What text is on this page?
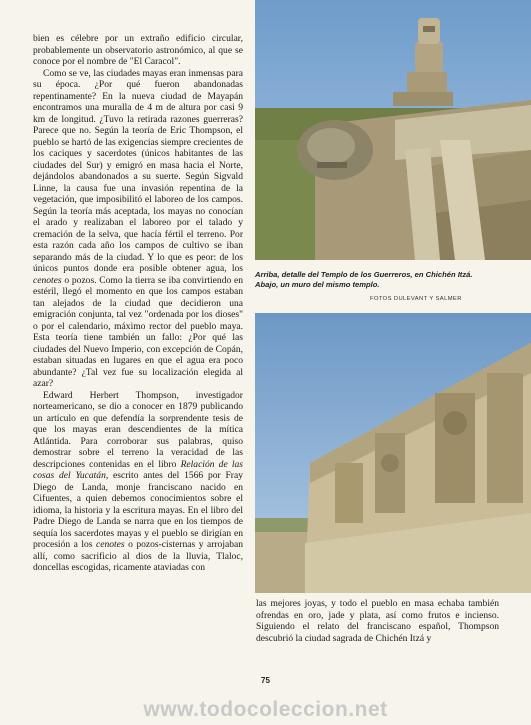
bien es célebre por un extraño edificio circular, probablemente un observatorio astronómico, al que se conoce por el nombre de "El Caracol".

Como se ve, las ciudades mayas eran inmensas para su época. ¿Por qué fueron abandonadas repentinamente? En la nueva ciudad de Mayapán encontramos una muralla de 4 m de altura por casi 9 km de longitud. ¿Tuvo la retirada razones guerreras? Parece que no. Según la teoría de Eric Thompson, el pueblo se hartó de las exigencias siempre crecientes de los caciques y sacerdotes (únicos habitantes de las ciudades del Sur) y emigró en masa hacia el Norte, dejándolos abandonados a su suerte. Según Sigvald Linne, la causa fue una invasión repentina de la vegetación, que imposibilitó el laboreo de los campos. Según la teoría más aceptada, los mayas no conocían el arado y realizaban el laboreo por el talado y cremación de la selva, que hacía fértil el terreno. Por esta razón cada año los campos de cultivo se iban separando más de la ciudad. Y lo que es peor: de los únicos puntos donde era posible obtener agua, los cenotes o pozos. Como la tierra se iba convirtiendo en estéril, llegó el momento en que los campos estaban tan alejados de la ciudad que decidieron una emigración conjunta, tal vez "ordenada por los dioses" o por el calendario, máximo rector del pueblo maya. Esta teoría tiene también un fallo: ¿Por qué las ciudades del Nuevo Imperio, con excepción de Copán, estaban situadas en lugares en que el agua era poco abundante? ¿Tal vez fue su localización elegida al azar?

Edward Herbert Thompson, investigador norteamericano, se dio a conocer en 1879 publicando un artículo en que defendía la sorprendente tesis de que los mayas eran descendientes de la mítica Atlántida. Para corroborar sus palabras, quiso demostrar sobre el terreno la veracidad de las descripciones contenidas en el libro Relación de las cosas del Yucatán, escrito antes del 1566 por Fray Diego de Landa, monje franciscano nacido en Cifuentes, a quien debemos conocimientos sobre el idioma, la historia y la escritura mayas. En el libro del Padre Diego de Landa se narra que en los tiempos de sequía los sacerdotes mayas y el pueblo se dirigían en procesión a los cenotes o pozos-cisternas y arrojaban allí, como sacrificio al dios de la lluvia, Tlaloc, doncellas escogidas, ricamente ataviadas con

Arriba, detalle del Templo de los Guerreros, en Chichén Itzá. Abajo, un muro del mismo templo.
FOTOS DULEVANT Y SALMER
las mejores joyas, y todo el pueblo en masa echaba también ofrendas en oro, jade y plata, así como frutos e incienso. Siguiendo el relato del franciscano español, Thompson descubrió la ciudad sagrada de Chichén Itzá y
75
www.todocoleccion.net
